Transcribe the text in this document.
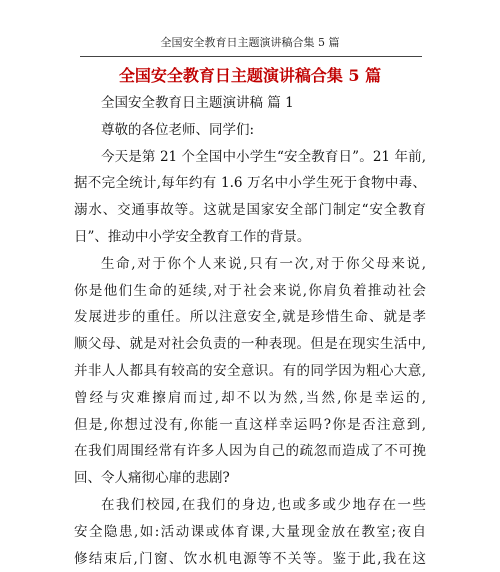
全国安全教育日主题演讲稿合集 5 篇
全国安全教育日主题演讲稿合集 5 篇
全国安全教育日主题演讲稿 篇 1
尊敬的各位老师、同学们:
今天是第 21 个全国中小学生“安全教育日”。21 年前,
据不完全统计,每年约有 1.6 万名中小学生死于食物中毒、
溺水、交通事故等。这就是国家安全部门制定“安全教育
日”、推动中小学安全教育工作的背景。
生命,对于你个人来说,只有一次,对于你父母来说,
你是他们生命的延续,对于社会来说,你肩负着推动社会
发展进步的重任。所以注意安全,就是珍惜生命、就是孝
顺父母、就是对社会负责的一种表现。但是在现实生活中,
并非人人都具有较高的安全意识。有的同学因为粗心大意,
曾经与灾难擦肩而过,却不以为然,当然,你是幸运的,
但是,你想过没有,你能一直这样幸运吗?你是否注意到,
在我们周围经常有许多人因为自己的疏忽而造成了不可挽
回、令人痛彻心扉的悲剧?
在我们校园,在我们的身边,也或多或少地存在一些
安全隐患,如:活动课或体育课,大量现金放在教室;夜自
修结束后,门窗、饮水机电源等不关等。鉴于此,我在这
